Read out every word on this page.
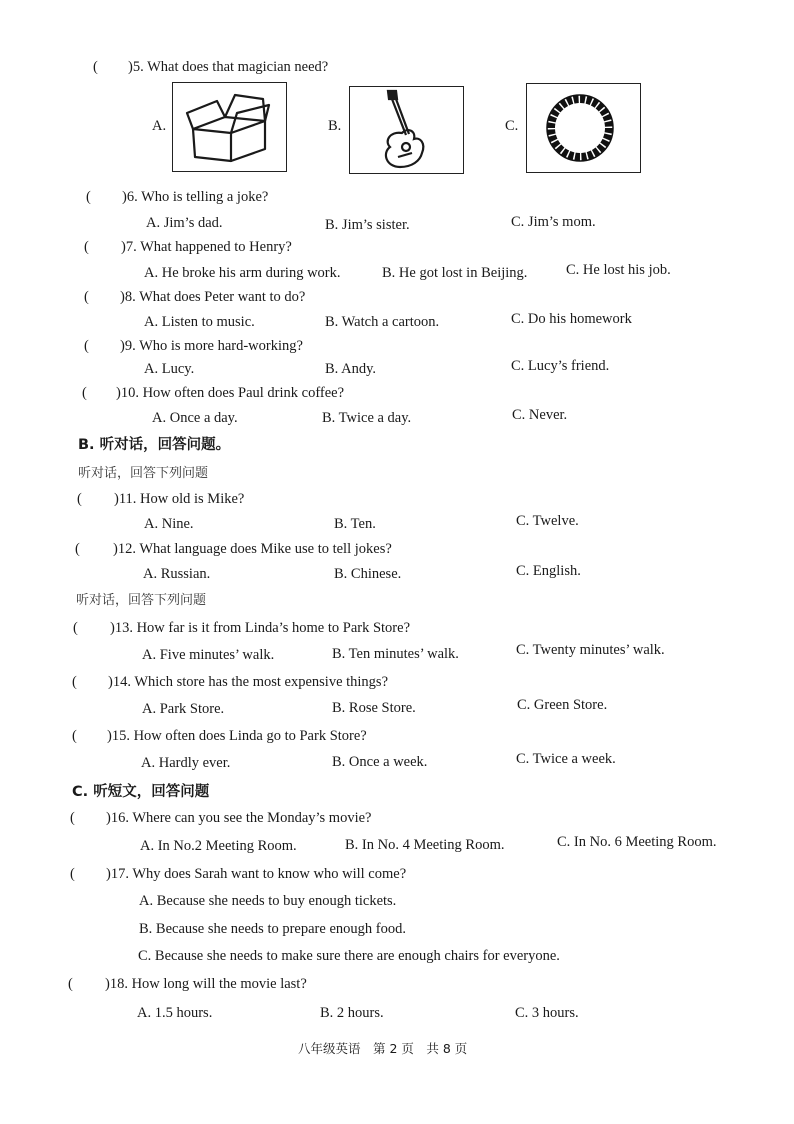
( )5. What does that magician need?
A.	B.	C.
( )6. Who is telling a joke?
A. Jim’s dad.	B. Jim’s sister.	C. Jim’s mom.
( )7. What happened to Henry?
A. He broke his arm during work.	B. He got lost in Beijing.	C. He lost his job.
( )8. What does Peter want to do?
A. Listen to music.	B. Watch a cartoon.	C. Do his homework
( )9. Who is more hard-working?
A. Lucy.	B. Andy.	C. Lucy’s friend.
( )10. How often does Paul drink coffee?
A. Once a day.	B. Twice a day.	C. Never.
B. 听对话，回答问题。
听对话，回答下列问题
( )11. How old is Mike?
A. Nine.	B. Ten.	C. Twelve.
( )12. What language does Mike use to tell jokes?
A. Russian.	B. Chinese.	C. English.
听对话，回答下列问题
( )13. How far is it from Linda’s home to Park Store?
A. Five minutes’ walk.	B. Ten minutes’ walk.	C. Twenty minutes’ walk.
( )14. Which store has the most expensive things?
A. Park Store.	B. Rose Store.	C. Green Store.
( )15. How often does Linda go to Park Store?
A. Hardly ever.	B. Once a week.	C. Twice a week.
C. 听短文，回答问题
( )16. Where can you see the Monday’s movie?
A. In No.2 Meeting Room.	B. In No. 4 Meeting Room.	C. In No. 6 Meeting Room.
( )17. Why does Sarah want to know who will come?
A. Because she needs to buy enough tickets.
B. Because she needs to prepare enough food.
C. Because she needs to make sure there are enough chairs for everyone.
( )18. How long will the movie last?
A. 1.5 hours.	B. 2 hours.	C. 3 hours.
八年级英语　第 2 页　共 8 页
